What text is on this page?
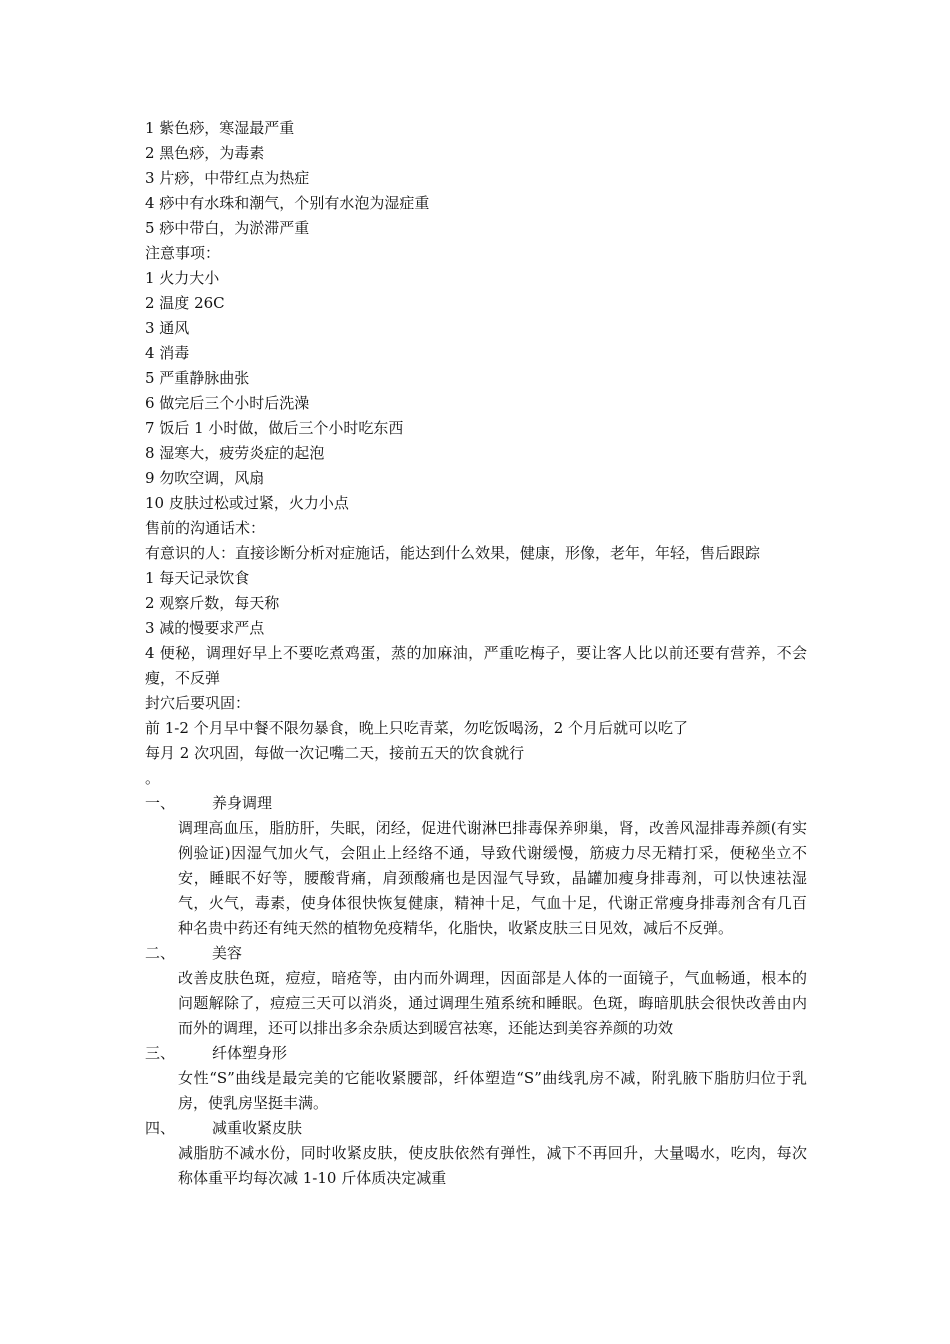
1 紫色痧，寒湿最严重

2 黑色痧，为毒素

3 片痧，中带红点为热症

4 痧中有水珠和潮气，个别有水泡为湿症重

5 痧中带白，为淤滞严重

注意事项：

1 火力大小

2 温度 26C

3 通风

4 消毒

5 严重静脉曲张

6 做完后三个小时后洗澡

7 饭后 1 小时做，做后三个小时吃东西

8 湿寒大，疲劳炎症的起泡

9 勿吹空调，风扇

10 皮肤过松或过紧，火力小点

售前的沟通话术：

有意识的人：直接诊断分析对症施话，能达到什么效果，健康，形像，老年，年轻，售后跟踪

1 每天记录饮食

2 观察斤数，每天称

3 减的慢要求严点

4 便秘，调理好早上不要吃煮鸡蛋，蒸的加麻油，严重吃梅子，要让客人比以前还要有营养，不会瘦，不反弹

封穴后要巩固：

前 1-2 个月早中餐不限勿暴食，晚上只吃青菜，勿吃饭喝汤，2 个月后就可以吃了

每月 2 次巩固，每做一次记嘴二天，接前五天的饮食就行

。

一、	养身调理

调理高血压，脂肪肝，失眠，闭经，促进代谢淋巴排毒保养卵巢，肾，改善风湿排毒养颜(有实例验证)因湿气加火气，会阻止上经络不通，导致代谢缓慢，筋疲力尽无精打采，便秘坐立不安，睡眠不好等，腰酸背痛，肩颈酸痛也是因湿气导致，晶罐加瘦身排毒剂，可以快速祛湿气，火气，毒素，使身体很快恢复健康，精神十足，气血十足，代谢正常瘦身排毒剂含有几百种名贵中药还有纯天然的植物免疫精华，化脂快，收紧皮肤三日见效，减后不反弹。

二、	美容

改善皮肤色斑，痘痘，暗疮等，由内而外调理，因面部是人体的一面镜子，气血畅通，根本的问题解除了，痘痘三天可以消炎，通过调理生殖系统和睡眠。色斑，晦暗肌肤会很快改善由内而外的调理，还可以排出多余杂质达到暖宫祛寒，还能达到美容养颜的功效

三、	纤体塑身形

女性“S”曲线是最完美的它能收紧腰部，纤体塑造“S”曲线乳房不减，附乳腋下脂肪归位于乳房，使乳房坚挺丰满。

四、	减重收紧皮肤

减脂肪不减水份，同时收紧皮肤，使皮肤依然有弹性，减下不再回升，大量喝水，吃肉，每次称体重平均每次减 1-10 斤体质决定减重
